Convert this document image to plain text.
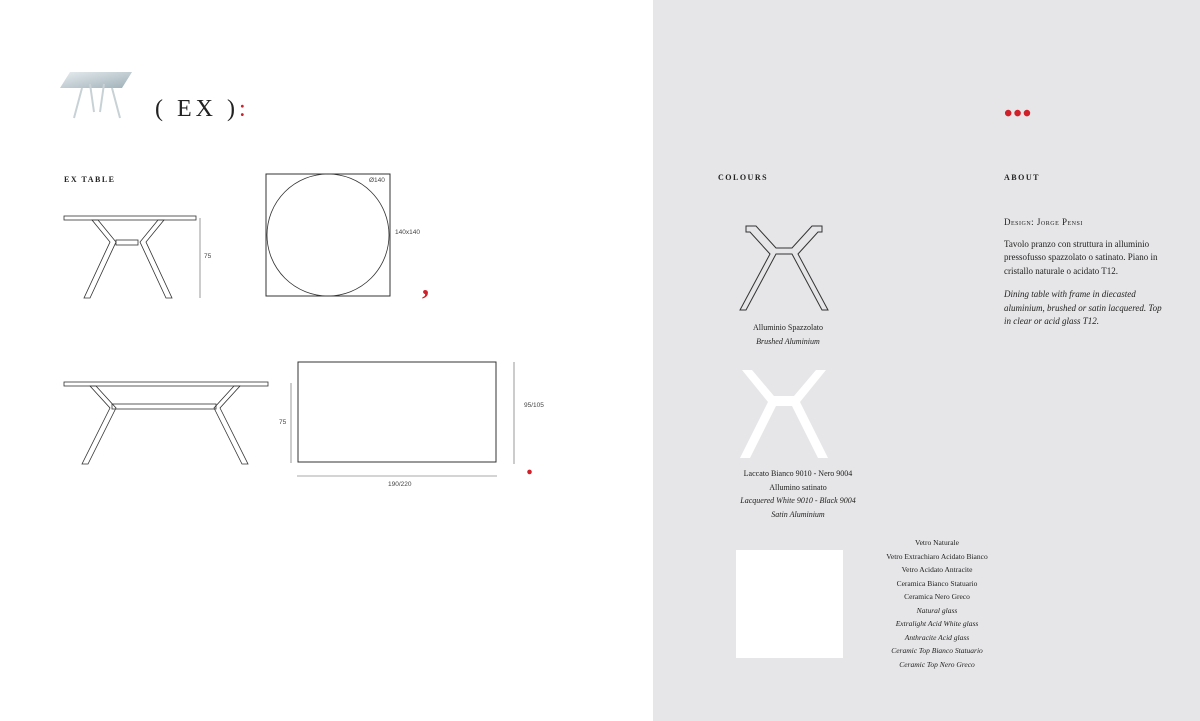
( EX ):
EX TABLE
75
Ø140
140x140
,
75
95/105
190/220
.
•••
COLOURS	ABOUT
Alluminio Spazzolato
Brushed Aluminium
Laccato Bianco 9010 - Nero 9004
Allumino satinato
Lacquered White 9010 - Black 9004
Satin Aluminium
Vetro Naturale
Vetro Extrachiaro Acidato Bianco
Vetro Acidato Antracite
Ceramica Bianco Statuario
Ceramica Nero Greco
Natural glass
Extralight Acid White glass
Anthracite Acid glass
Ceramic Top Bianco Statuario
Ceramic Top Nero Greco
Design: Jorge Pensi

Tavolo pranzo con struttura in alluminio pressofusso spazzolato o satinato. Piano in cristallo naturale o acidato T12.

Dining table with frame in diecasted aluminium, brushed or satin lacquered. Top in clear or acid glass T12.
